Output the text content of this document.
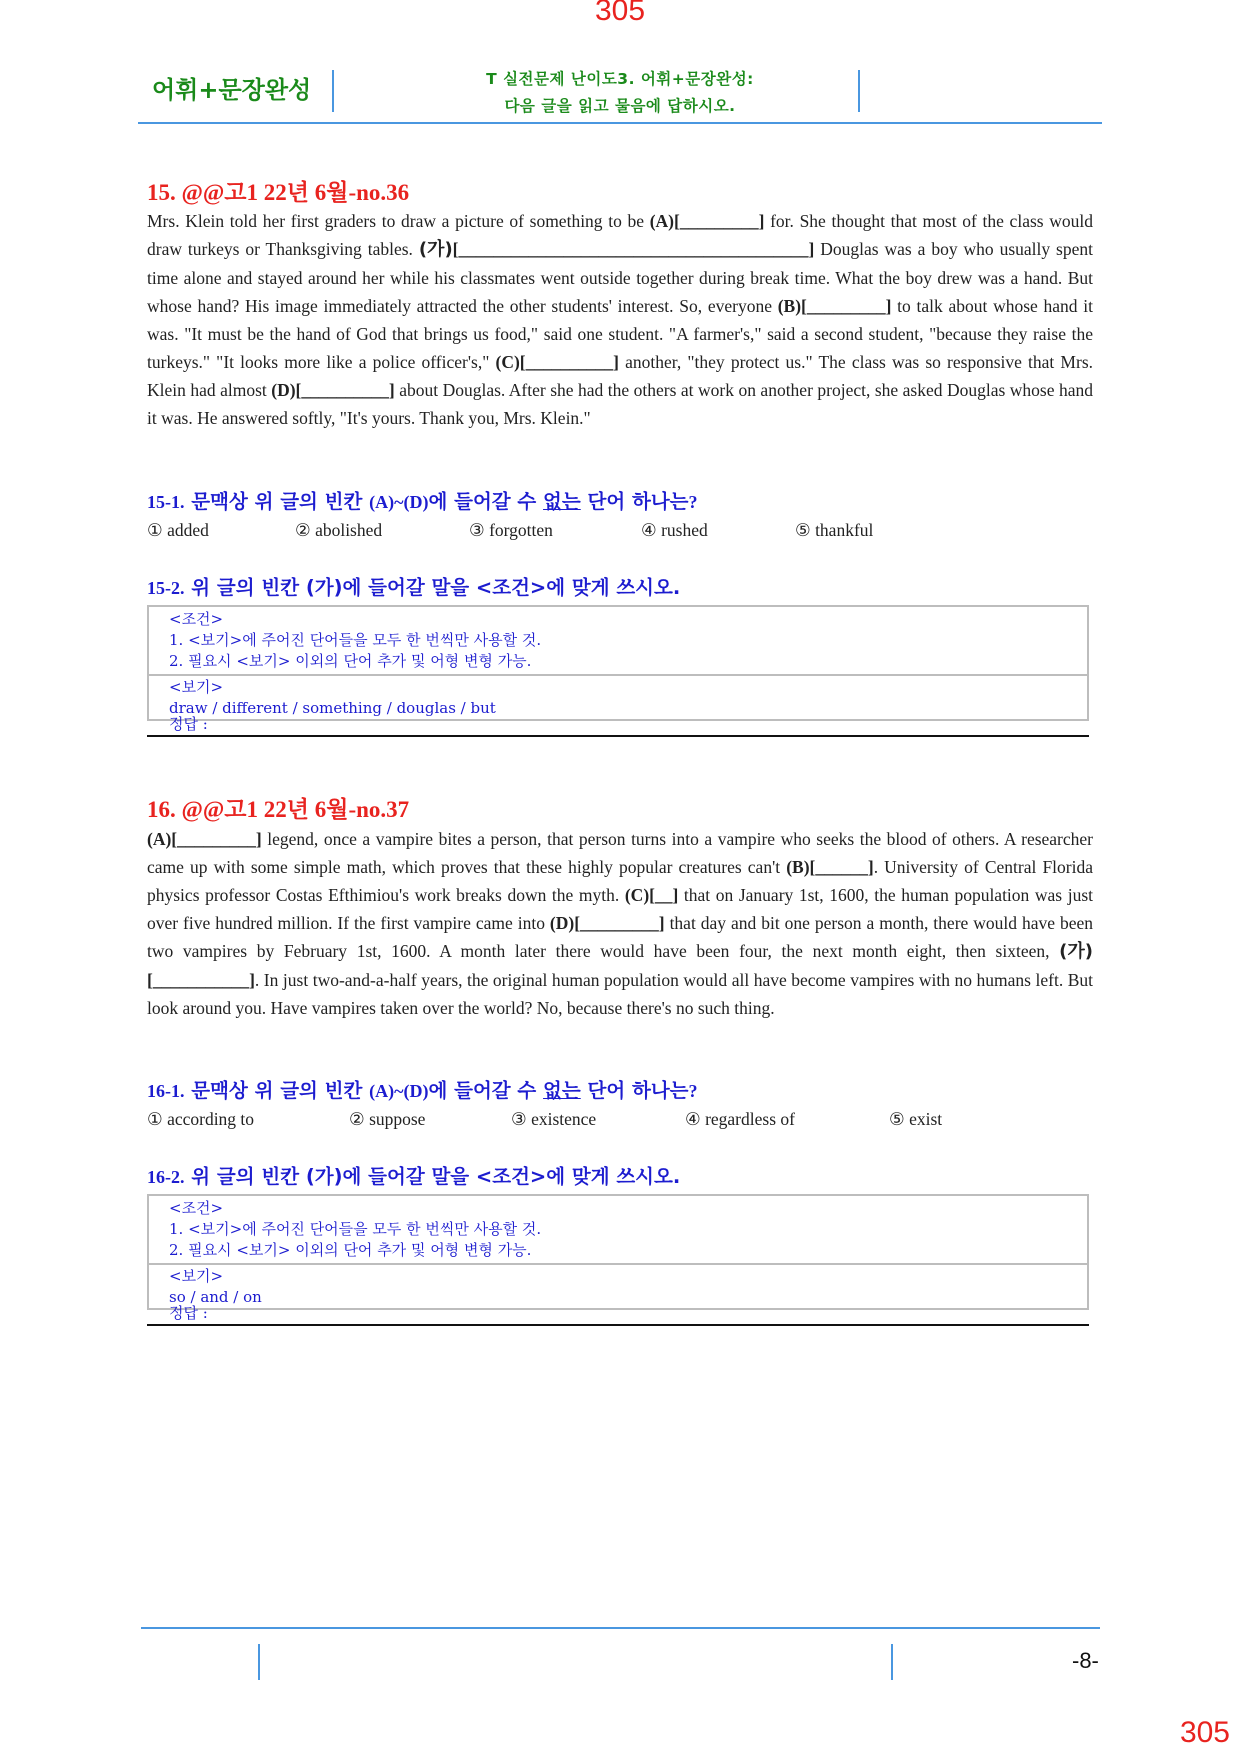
305
305
어휘+문장완성	T 실전문제 난이도3. 어휘+문장완성:
다음 글을 읽고 물음에 답하시오.
15. @@고1 22년 6월-no.36
Mrs. Klein told her first graders to draw a picture of something to be (A)[_________] for. She thought that most of the class would draw turkeys or Thanksgiving tables. (가)[________________________________________] Douglas was a boy who usually spent time alone and stayed around her while his classmates went outside together during break time. What the boy drew was a hand. But whose hand? His image immediately attracted the other students' interest. So, everyone (B)[_________] to talk about whose hand it was. "It must be the hand of God that brings us food," said one student. "A farmer's," said a second student, "because they raise the turkeys." "It looks more like a police officer's," (C)[__________] another, "they protect us." The class was so responsive that Mrs. Klein had almost (D)[__________] about Douglas. After she had the others at work on another project, she asked Douglas whose hand it was. He answered softly, "It's yours. Thank you, Mrs. Klein."
15-1. 문맥상 위 글의 빈칸 (A)~(D)에 들어갈 수 없는 단어 하나는?
① added	② abolished	③ forgotten	④ rushed	⑤ thankful
15-2. 위 글의 빈칸 (가)에 들어갈 말을 <조건>에 맞게 쓰시오.
<조건>
1. <보기>에 주어진 단어들을 모두 한 번씩만 사용할 것.
2. 필요시 <보기> 이외의 단어 추가 및 어형 변형 가능.
<보기>
draw / different / something / douglas / but
정답 :
16. @@고1 22년 6월-no.37
(A)[_________] legend, once a vampire bites a person, that person turns into a vampire who seeks the blood of others. A researcher came up with some simple math, which proves that these highly popular creatures can't (B)[______]. University of Central Florida physics professor Costas Efthimiou's work breaks down the myth. (C)[__] that on January 1st, 1600, the human population was just over five hundred million. If the first vampire came into (D)[_________] that day and bit one person a month, there would have been two vampires by February 1st, 1600. A month later there would have been four, the next month eight, then sixteen, (가)[___________]. In just two-and-a-half years, the original human population would all have become vampires with no humans left. But look around you. Have vampires taken over the world? No, because there's no such thing.
16-1. 문맥상 위 글의 빈칸 (A)~(D)에 들어갈 수 없는 단어 하나는?
① according to	② suppose	③ existence	④ regardless of	⑤ exist
16-2. 위 글의 빈칸 (가)에 들어갈 말을 <조건>에 맞게 쓰시오.
<조건>
1. <보기>에 주어진 단어들을 모두 한 번씩만 사용할 것.
2. 필요시 <보기> 이외의 단어 추가 및 어형 변형 가능.
<보기>
so / and / on
정답 :
-8-
